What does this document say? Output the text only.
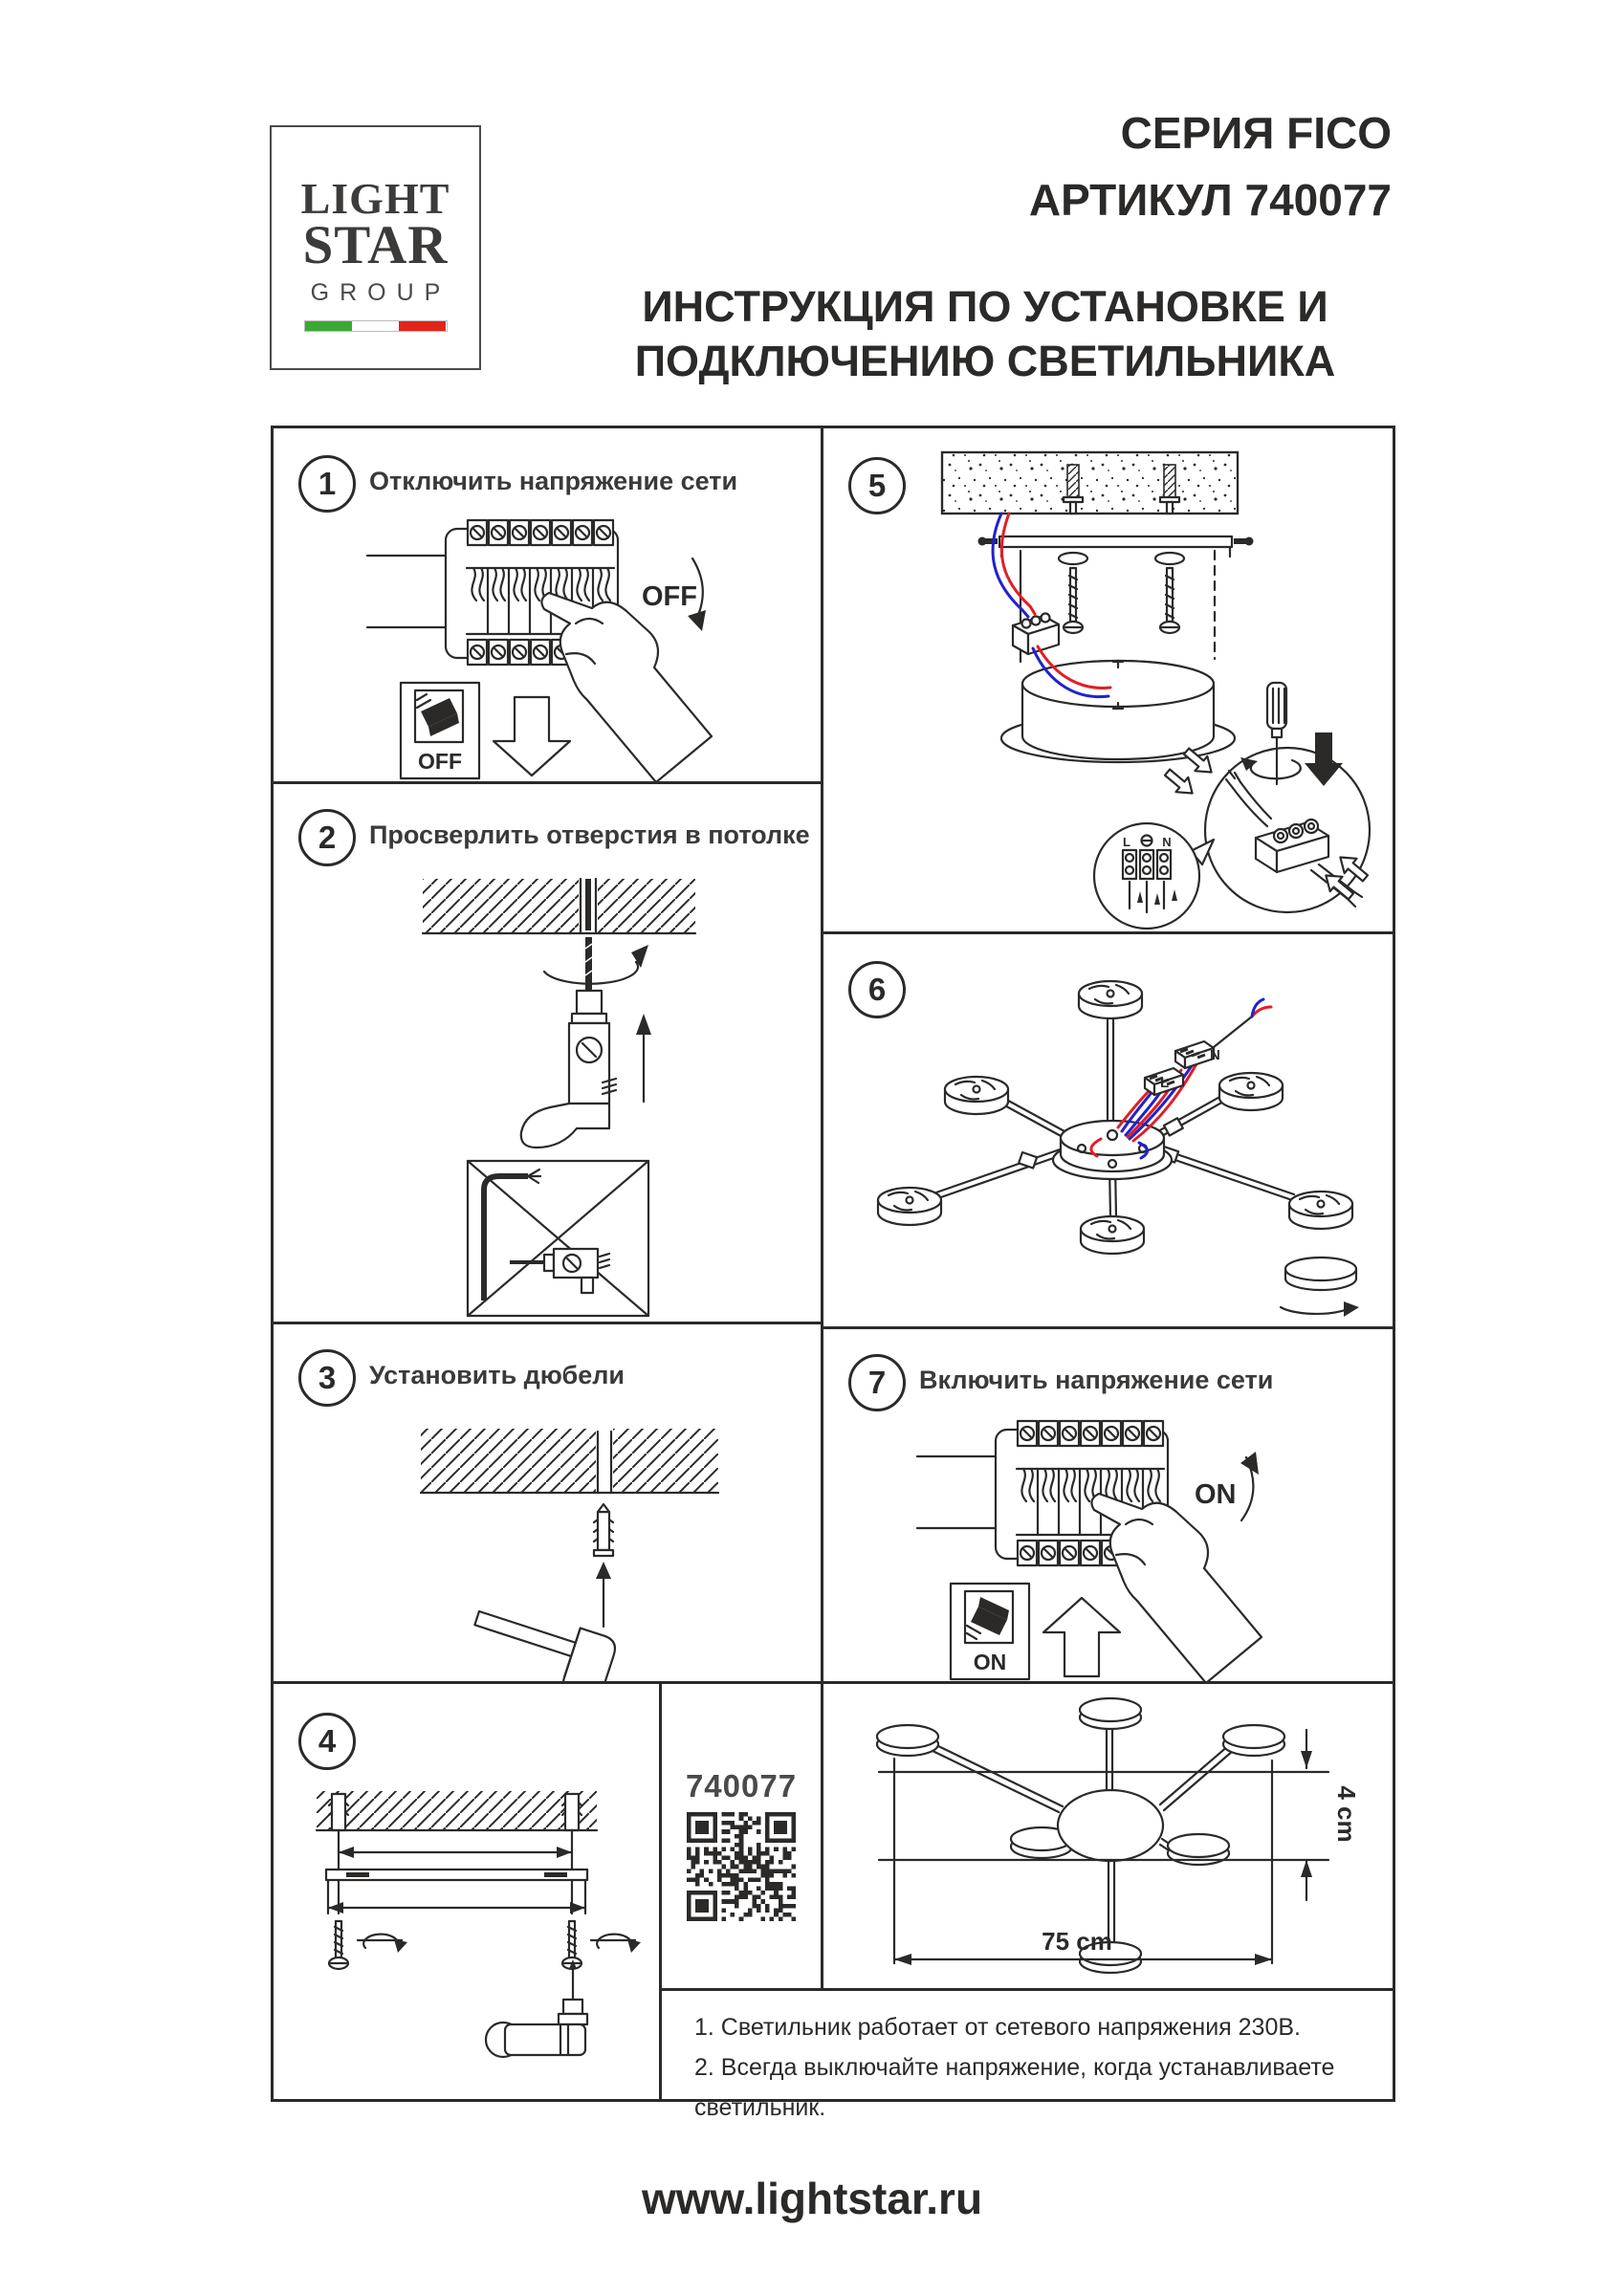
LIGHT
STAR
GROUP
СЕРИЯ FICO
АРТИКУЛ 740077
ИНСТРУКЦИЯ ПО УСТАНОВКЕ И
ПОДКЛЮЧЕНИЮ СВЕТИЛЬНИКА
1	Отключить напряжение сети
OFF
OFF
2	Просверлить отверстия в потолке
3	Установить дюбели
4
5
L	N
6
L
N
7	Включить напряжение сети
ON
ON
740077
75 cm
4 cm
1. Светильник работает от сетевого напряжения 230В.
2. Всегда выключайте напряжение, когда устанавливаете светильник.
www.lightstar.ru
